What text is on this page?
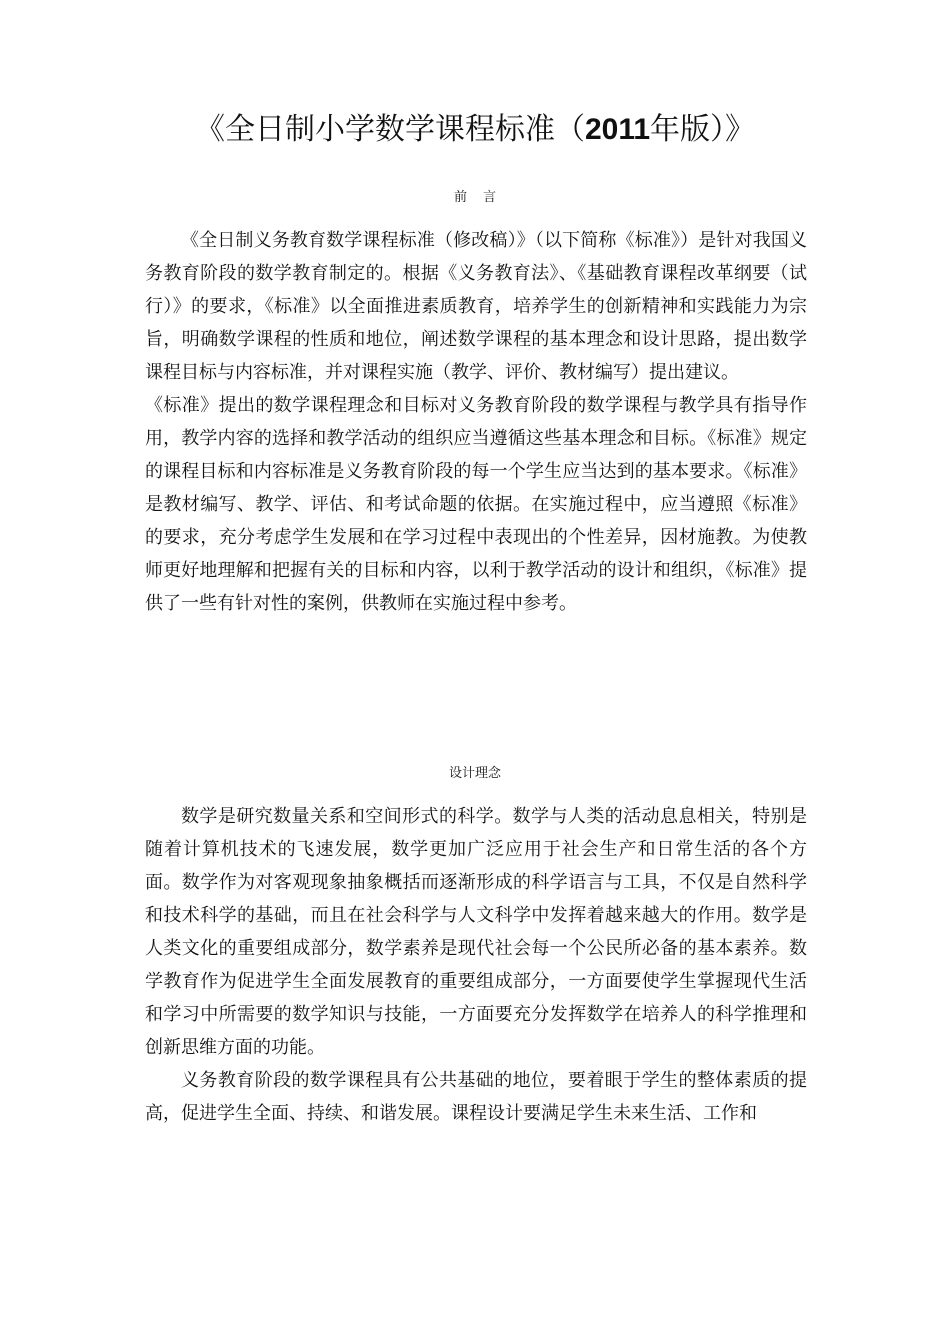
《全日制小学数学课程标准（2011年版）》
前言

《全日制义务教育数学课程标准（修改稿）》（以下简称《标准》）是针对我国义务教育阶段的数学教育制定的。根据《义务教育法》、《基础教育课程改革纲要（试行）》的要求，《标准》以全面推进素质教育，培养学生的创新精神和实践能力为宗旨，明确数学课程的性质和地位，阐述数学课程的基本理念和设计思路，提出数学课程目标与内容标准，并对课程实施（教学、评价、教材编写）提出建议。

《标准》提出的数学课程理念和目标对义务教育阶段的数学课程与教学具有指导作用，教学内容的选择和教学活动的组织应当遵循这些基本理念和目标。《标准》规定的课程目标和内容标准是义务教育阶段的每一个学生应当达到的基本要求。《标准》是教材编写、教学、评估、和考试命题的依据。在实施过程中，应当遵照《标准》的要求，充分考虑学生发展和在学习过程中表现出的个性差异，因材施教。为使教师更好地理解和把握有关的目标和内容，以利于教学活动的设计和组织，《标准》提供了一些有针对性的案例，供教师在实施过程中参考。

设计理念

数学是研究数量关系和空间形式的科学。数学与人类的活动息息相关，特别是随着计算机技术的飞速发展，数学更加广泛应用于社会生产和日常生活的各个方面。数学作为对客观现象抽象概括而逐渐形成的科学语言与工具，不仅是自然科学和技术科学的基础，而且在社会科学与人文科学中发挥着越来越大的作用。数学是人类文化的重要组成部分，数学素养是现代社会每一个公民所必备的基本素养。数学教育作为促进学生全面发展教育的重要组成部分，一方面要使学生掌握现代生活和学习中所需要的数学知识与技能，一方面要充分发挥数学在培养人的科学推理和创新思维方面的功能。

义务教育阶段的数学课程具有公共基础的地位，要着眼于学生的整体素质的提高，促进学生全面、持续、和谐发展。课程设计要满足学生未来生活、工作和
